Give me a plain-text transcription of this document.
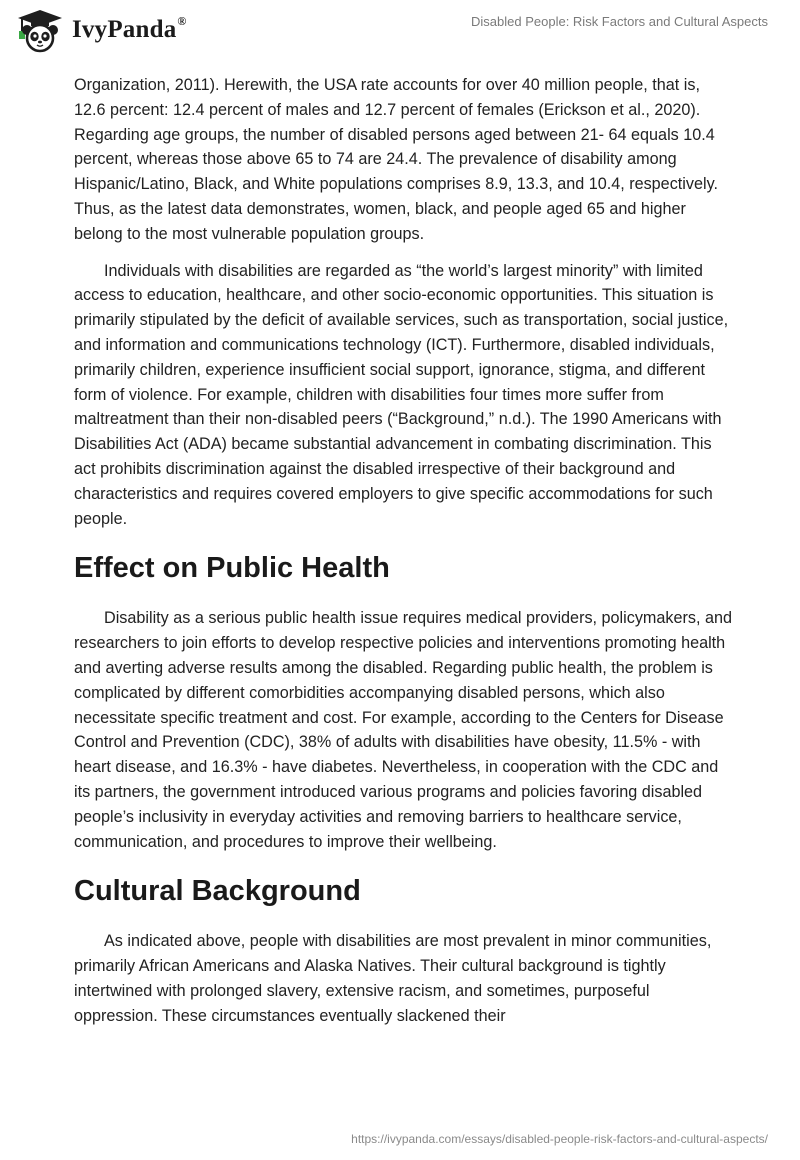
IvyPanda®	Disabled People: Risk Factors and Cultural Aspects

Organization, 2011). Herewith, the USA rate accounts for over 40 million people, that is, 12.6 percent: 12.4 percent of males and 12.7 percent of females (Erickson et al., 2020). Regarding age groups, the number of disabled persons aged between 21- 64 equals 10.4 percent, whereas those above 65 to 74 are 24.4. The prevalence of disability among Hispanic/Latino, Black, and White populations comprises 8.9, 13.3, and 10.4, respectively. Thus, as the latest data demonstrates, women, black, and people aged 65 and higher belong to the most vulnerable population groups.

Individuals with disabilities are regarded as “the world’s largest minority” with limited access to education, healthcare, and other socio-economic opportunities. This situation is primarily stipulated by the deficit of available services, such as transportation, social justice, and information and communications technology (ICT). Furthermore, disabled individuals, primarily children, experience insufficient social support, ignorance, stigma, and different form of violence. For example, children with disabilities four times more suffer from maltreatment than their non-disabled peers (“Background,” n.d.). The 1990 Americans with Disabilities Act (ADA) became substantial advancement in combating discrimination. This act prohibits discrimination against the disabled irrespective of their background and characteristics and requires covered employers to give specific accommodations for such people.

Effect on Public Health

Disability as a serious public health issue requires medical providers, policymakers, and researchers to join efforts to develop respective policies and interventions promoting health and averting adverse results among the disabled. Regarding public health, the problem is complicated by different comorbidities accompanying disabled persons, which also necessitate specific treatment and cost. For example, according to the Centers for Disease Control and Prevention (CDC), 38% of adults with disabilities have obesity, 11.5% - with heart disease, and 16.3% - have diabetes. Nevertheless, in cooperation with the CDC and its partners, the government introduced various programs and policies favoring disabled people’s inclusivity in everyday activities and removing barriers to healthcare service, communication, and procedures to improve their wellbeing.

Cultural Background

As indicated above, people with disabilities are most prevalent in minor communities, primarily African Americans and Alaska Natives. Their cultural background is tightly intertwined with prolonged slavery, extensive racism, and sometimes, purposeful oppression. These circumstances eventually slackened their

https://ivypanda.com/essays/disabled-people-risk-factors-and-cultural-aspects/
